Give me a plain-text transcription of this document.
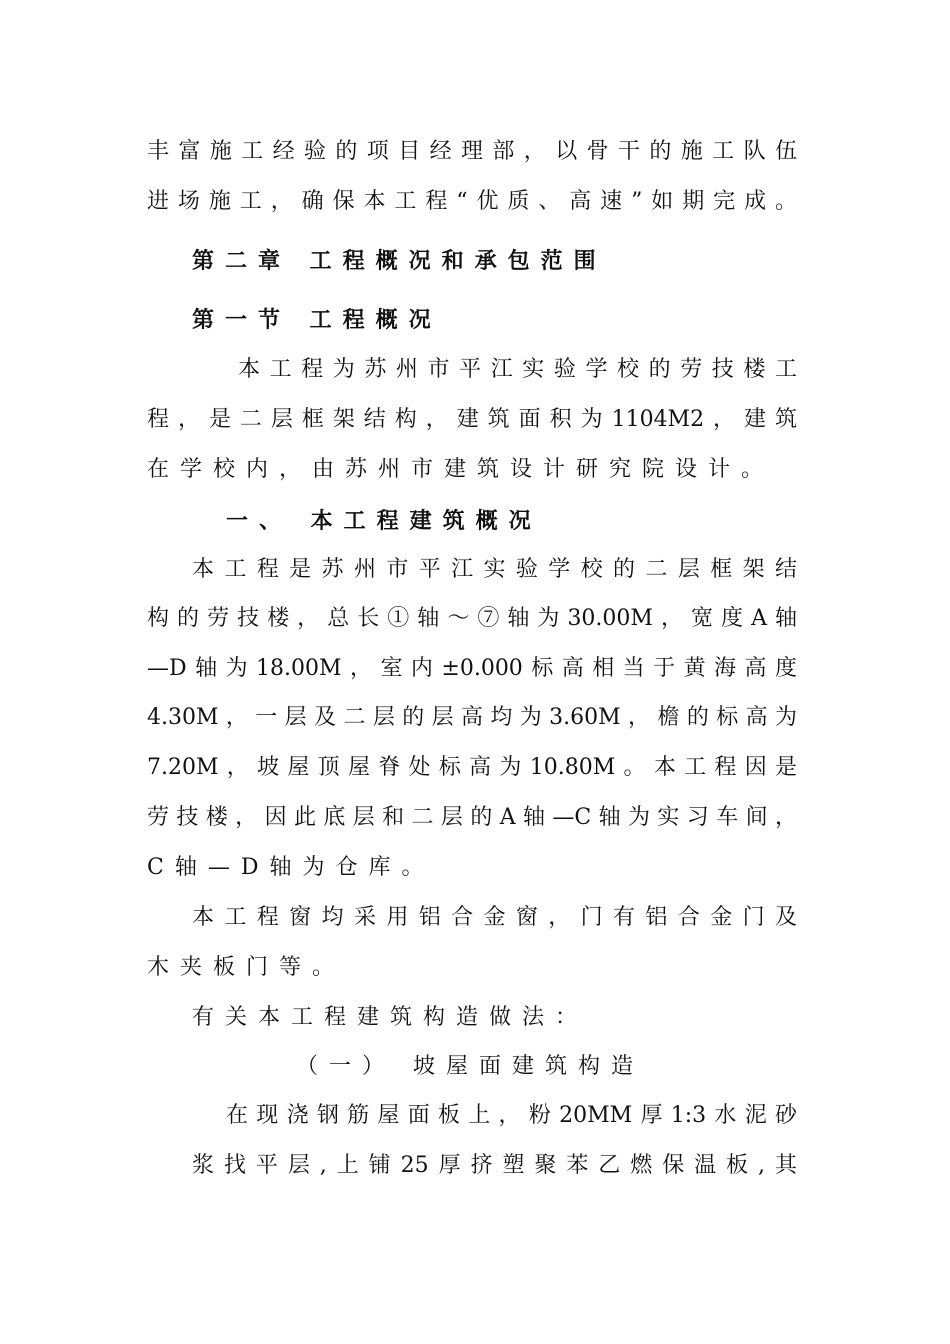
丰富施工经验的项目经理部，以骨干的施工队伍
进场施工，确保本工程“优质、高速”如期完成。
第二章 工程概况和承包范围
第一节 工程概况
本工程为苏州市平江实验学校的劳技楼工
程，是二层框架结构，建筑面积为1104M2，建筑
在学校内，由苏州市建筑设计研究院设计。
一、 本工程建筑概况
本工程是苏州市平江实验学校的二层框架结
构的劳技楼，总长①轴～⑦轴为30.00M，宽度A轴
—D轴为18.00M，室内±0.000标高相当于黄海高度
4.30M，一层及二层的层高均为3.60M，檐的标高为
7.20M，坡屋顶屋脊处标高为10.80M。本工程因是
劳技楼，因此底层和二层的A轴—C轴为实习车间，
C轴—D轴为仓库。
本工程窗均采用铝合金窗，门有铝合金门及
木夹板门等。
有关本工程建筑构造做法：
（一） 坡屋面建筑构造
在现浇钢筋屋面板上，粉20MM厚1:3水泥砂
浆找平层,上铺25厚挤塑聚苯乙燃保温板,其
